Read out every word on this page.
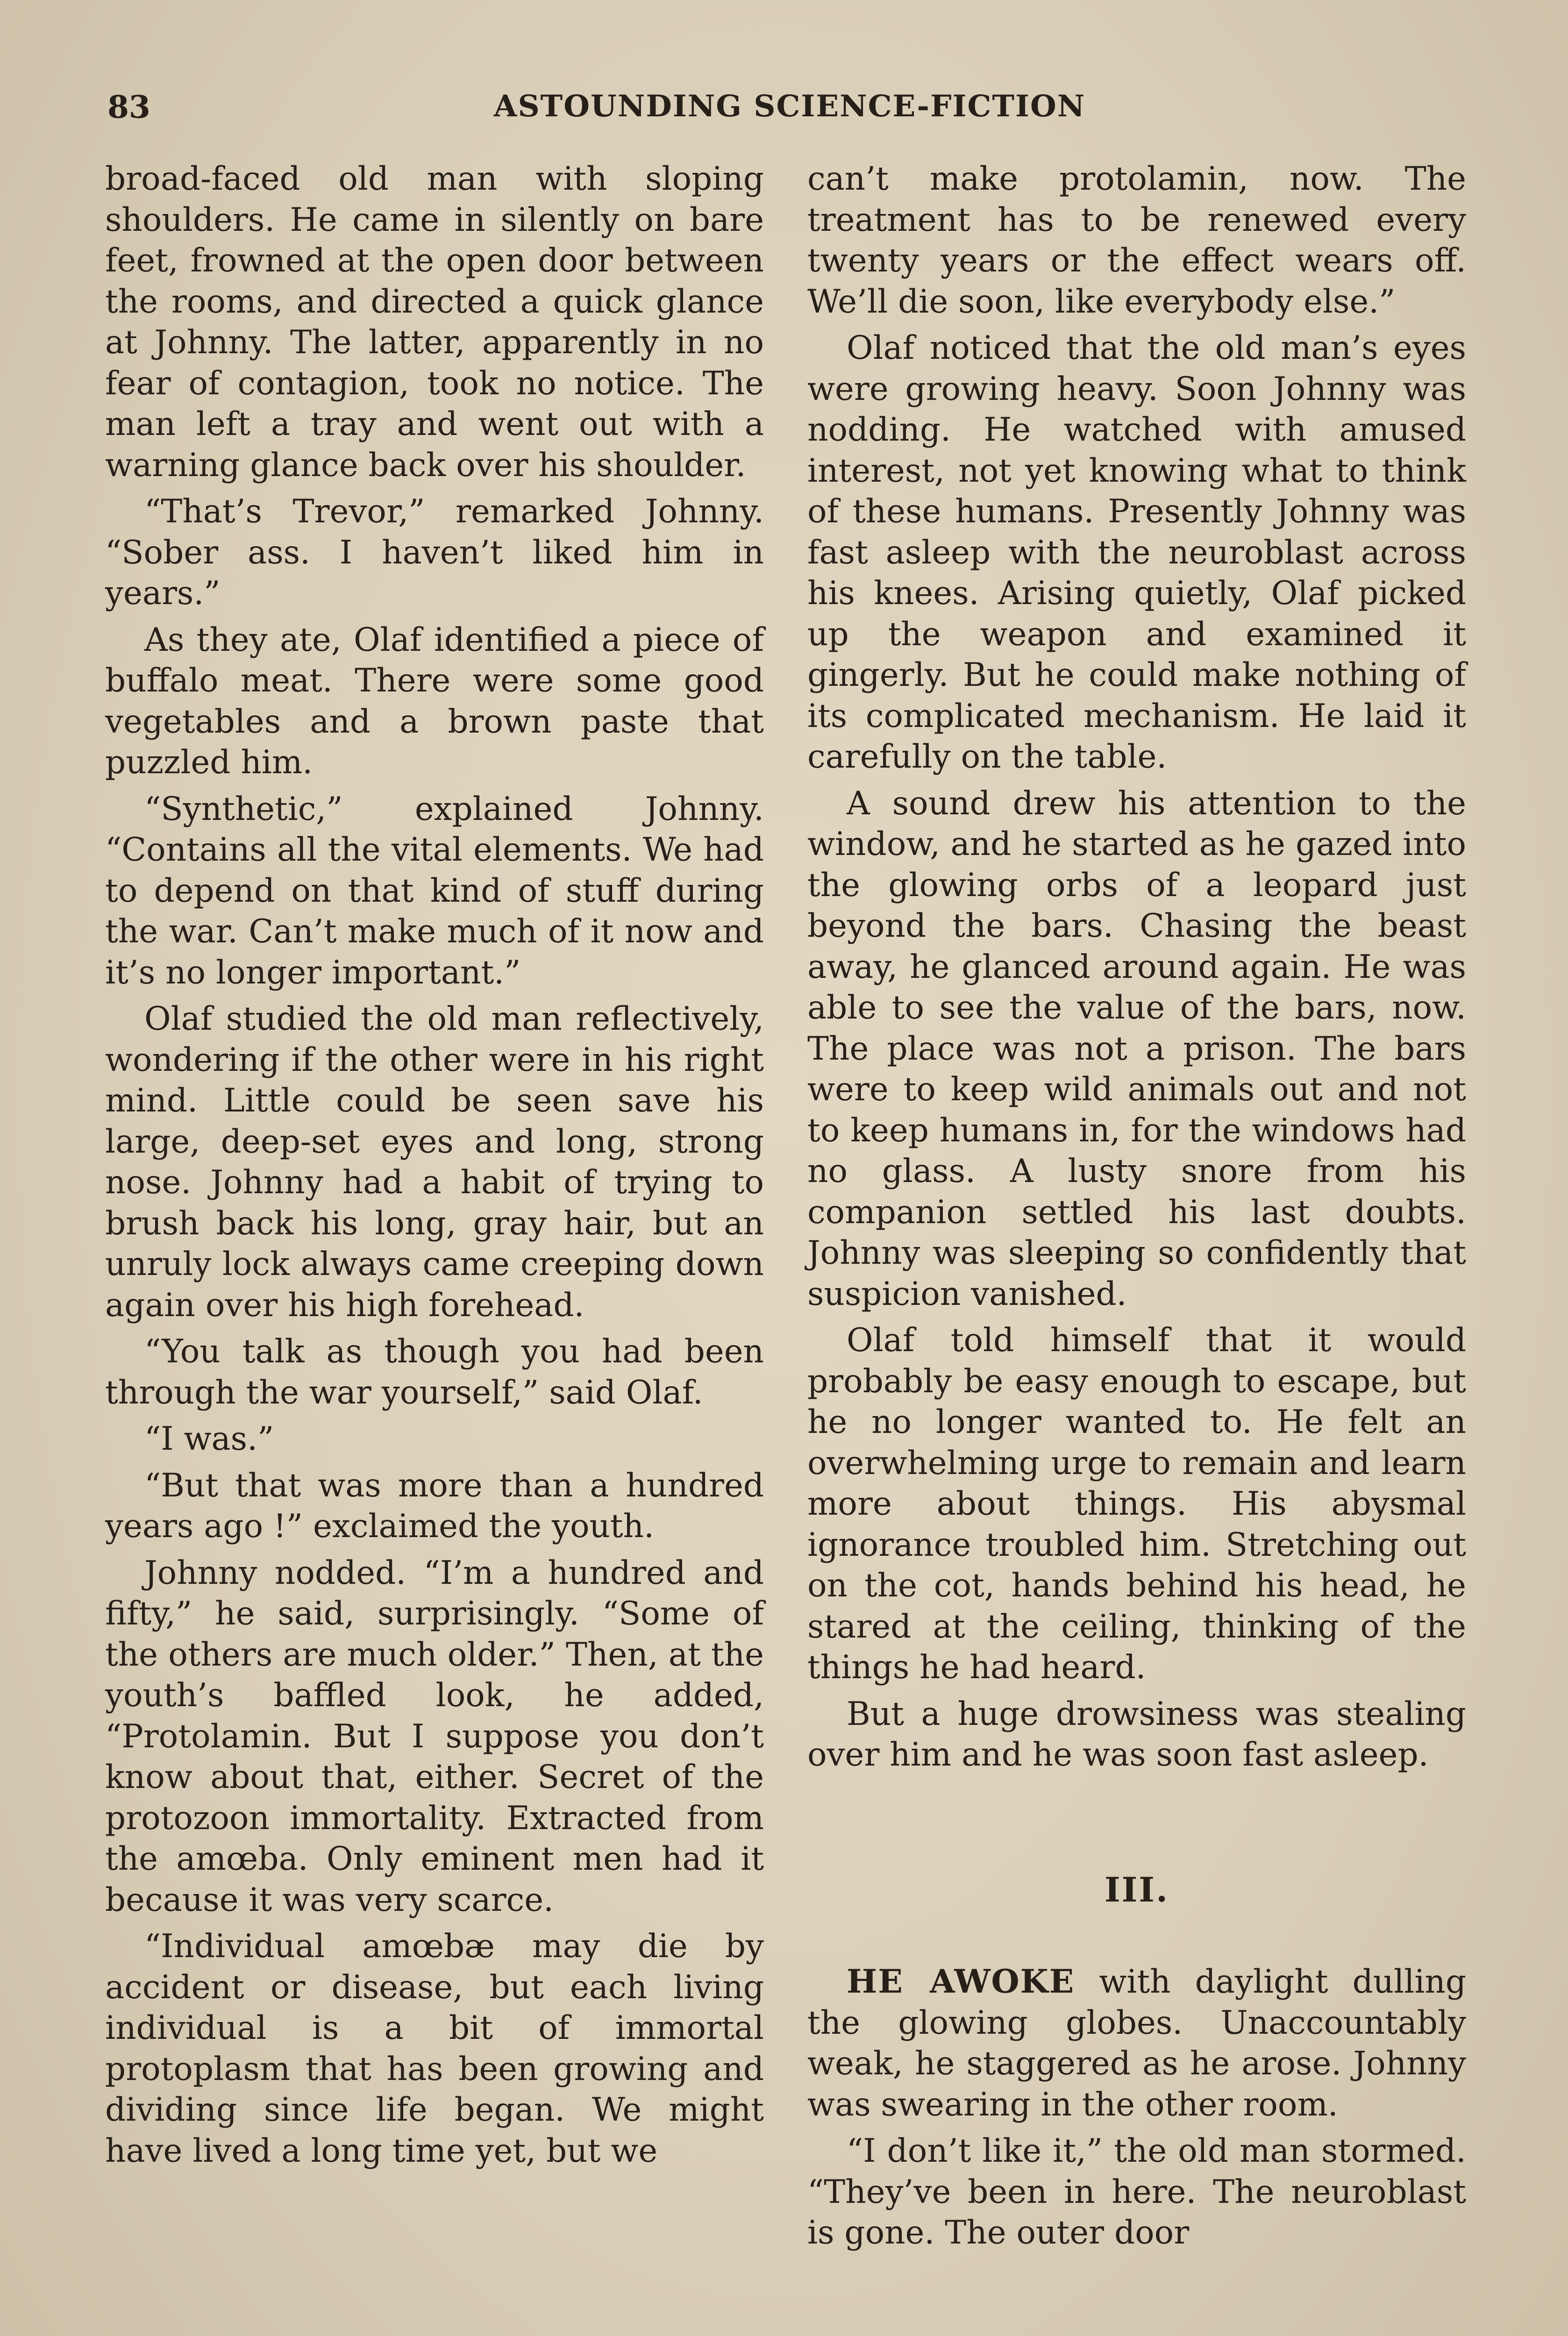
83	ASTOUNDING SCIENCE-FICTION

broad-faced old man with sloping shoulders. He came in silently on bare feet, frowned at the open door between the rooms, and directed a quick glance at Johnny. The latter, apparently in no fear of contagion, took no notice. The man left a tray and went out with a warning glance back over his shoulder.

“That’s Trevor,” remarked Johnny. “Sober ass. I haven’t liked him in years.”

As they ate, Olaf identified a piece of buffalo meat. There were some good vegetables and a brown paste that puzzled him.

“Synthetic,” explained Johnny. “Contains all the vital elements. We had to depend on that kind of stuff during the war. Can’t make much of it now and it’s no longer important.”

Olaf studied the old man reflectively, wondering if the other were in his right mind. Little could be seen save his large, deep-set eyes and long, strong nose. Johnny had a habit of trying to brush back his long, gray hair, but an unruly lock always came creeping down again over his high forehead.

“You talk as though you had been through the war yourself,” said Olaf.

“I was.”

“But that was more than a hundred years ago !” exclaimed the youth.

Johnny nodded. “I’m a hundred and fifty,” he said, surprisingly. “Some of the others are much older.” Then, at the youth’s baffled look, he added, “Protolamin. But I suppose you don’t know about that, either. Secret of the protozoon immortality. Extracted from the amœba. Only eminent men had it because it was very scarce.

“Individual amœbæ may die by accident or disease, but each living individual is a bit of immortal protoplasm that has been growing and dividing since life began. We might have lived a long time yet, but we

can’t make protolamin, now. The treatment has to be renewed every twenty years or the effect wears off. We’ll die soon, like everybody else.”

Olaf noticed that the old man’s eyes were growing heavy. Soon Johnny was nodding. He watched with amused interest, not yet knowing what to think of these humans. Presently Johnny was fast asleep with the neuroblast across his knees. Arising quietly, Olaf picked up the weapon and examined it gingerly. But he could make nothing of its complicated mechanism. He laid it carefully on the table.

A sound drew his attention to the window, and he started as he gazed into the glowing orbs of a leopard just beyond the bars. Chasing the beast away, he glanced around again. He was able to see the value of the bars, now. The place was not a prison. The bars were to keep wild animals out and not to keep humans in, for the windows had no glass. A lusty snore from his companion settled his last doubts. Johnny was sleeping so confidently that suspicion vanished.

Olaf told himself that it would probably be easy enough to escape, but he no longer wanted to. He felt an overwhelming urge to remain and learn more about things. His abysmal ignorance troubled him. Stretching out on the cot, hands behind his head, he stared at the ceiling, thinking of the things he had heard.

But a huge drowsiness was stealing over him and he was soon fast asleep.

III.

HE AWOKE with daylight dulling the glowing globes. Unaccountably weak, he staggered as he arose. Johnny was swearing in the other room.

“I don’t like it,” the old man stormed. “They’ve been in here. The neuroblast is gone. The outer door
